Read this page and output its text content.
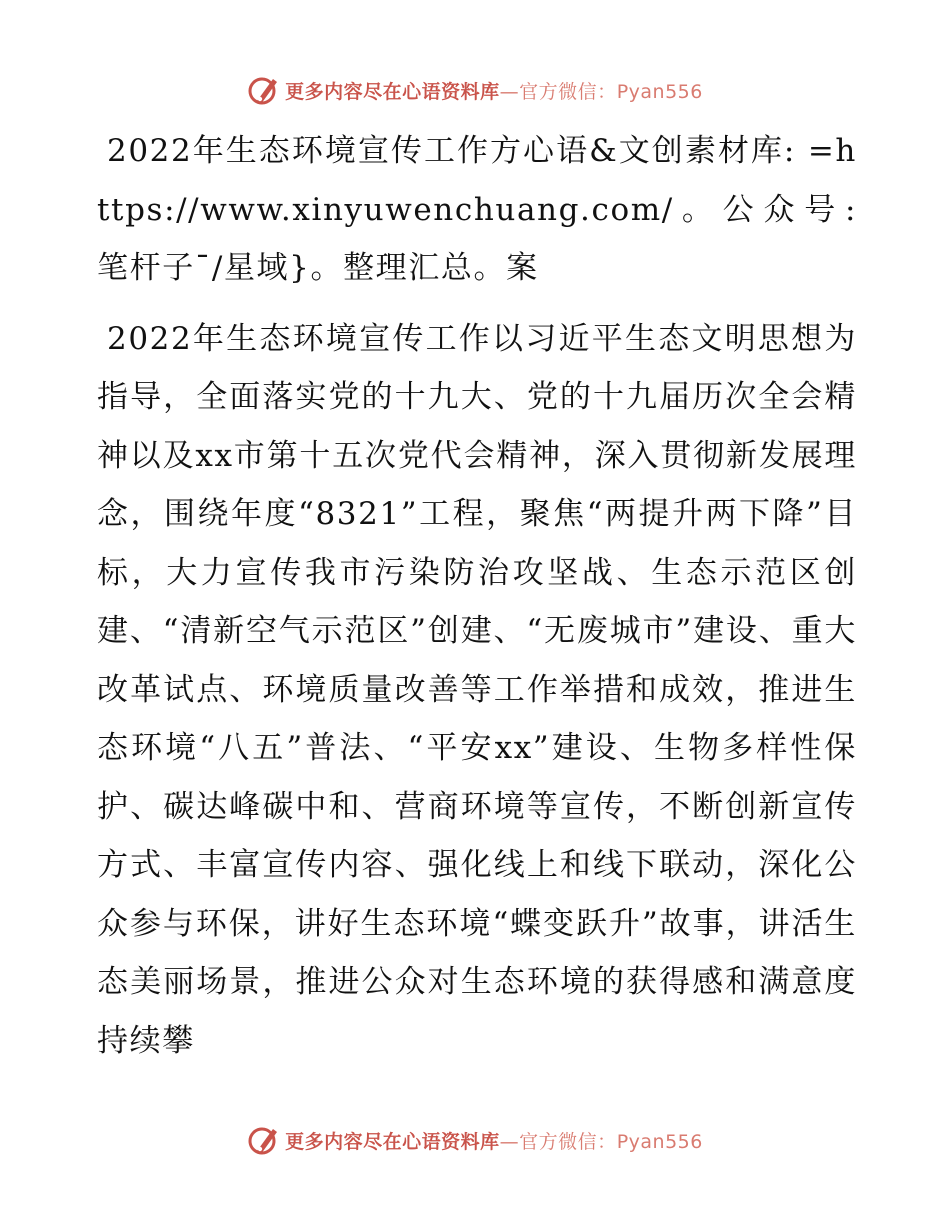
更多内容尽在心语资料库—官方微信：Pyan556

2022年生态环境宣传工作方心语&文创素材库: =https://www.xinyuwenchuang.com/。公众号: 笔杆子¯/星域}。整理汇总。案

2022年生态环境宣传工作以习近平生态文明思想为指导，全面落实党的十九大、党的十九届历次全会精神以及xx市第十五次党代会精神，深入贯彻新发展理念，围绕年度“8321”工程，聚焦“两提升两下降”目标，大力宣传我市污染防治攻坚战、生态示范区创建、“清新空气示范区”创建、“无废城市”建设、重大改革试点、环境质量改善等工作举措和成效，推进生态环境“八五”普法、“平安xx”建设、生物多样性保护、碳达峰碳中和、营商环境等宣传，不断创新宣传方式、丰富宣传内容、强化线上和线下联动，深化公众参与环保，讲好生态环境“蝶变跃升”故事，讲活生态美丽场景，推进公众对生态环境的获得感和满意度持续攀

更多内容尽在心语资料库—官方微信：Pyan556
